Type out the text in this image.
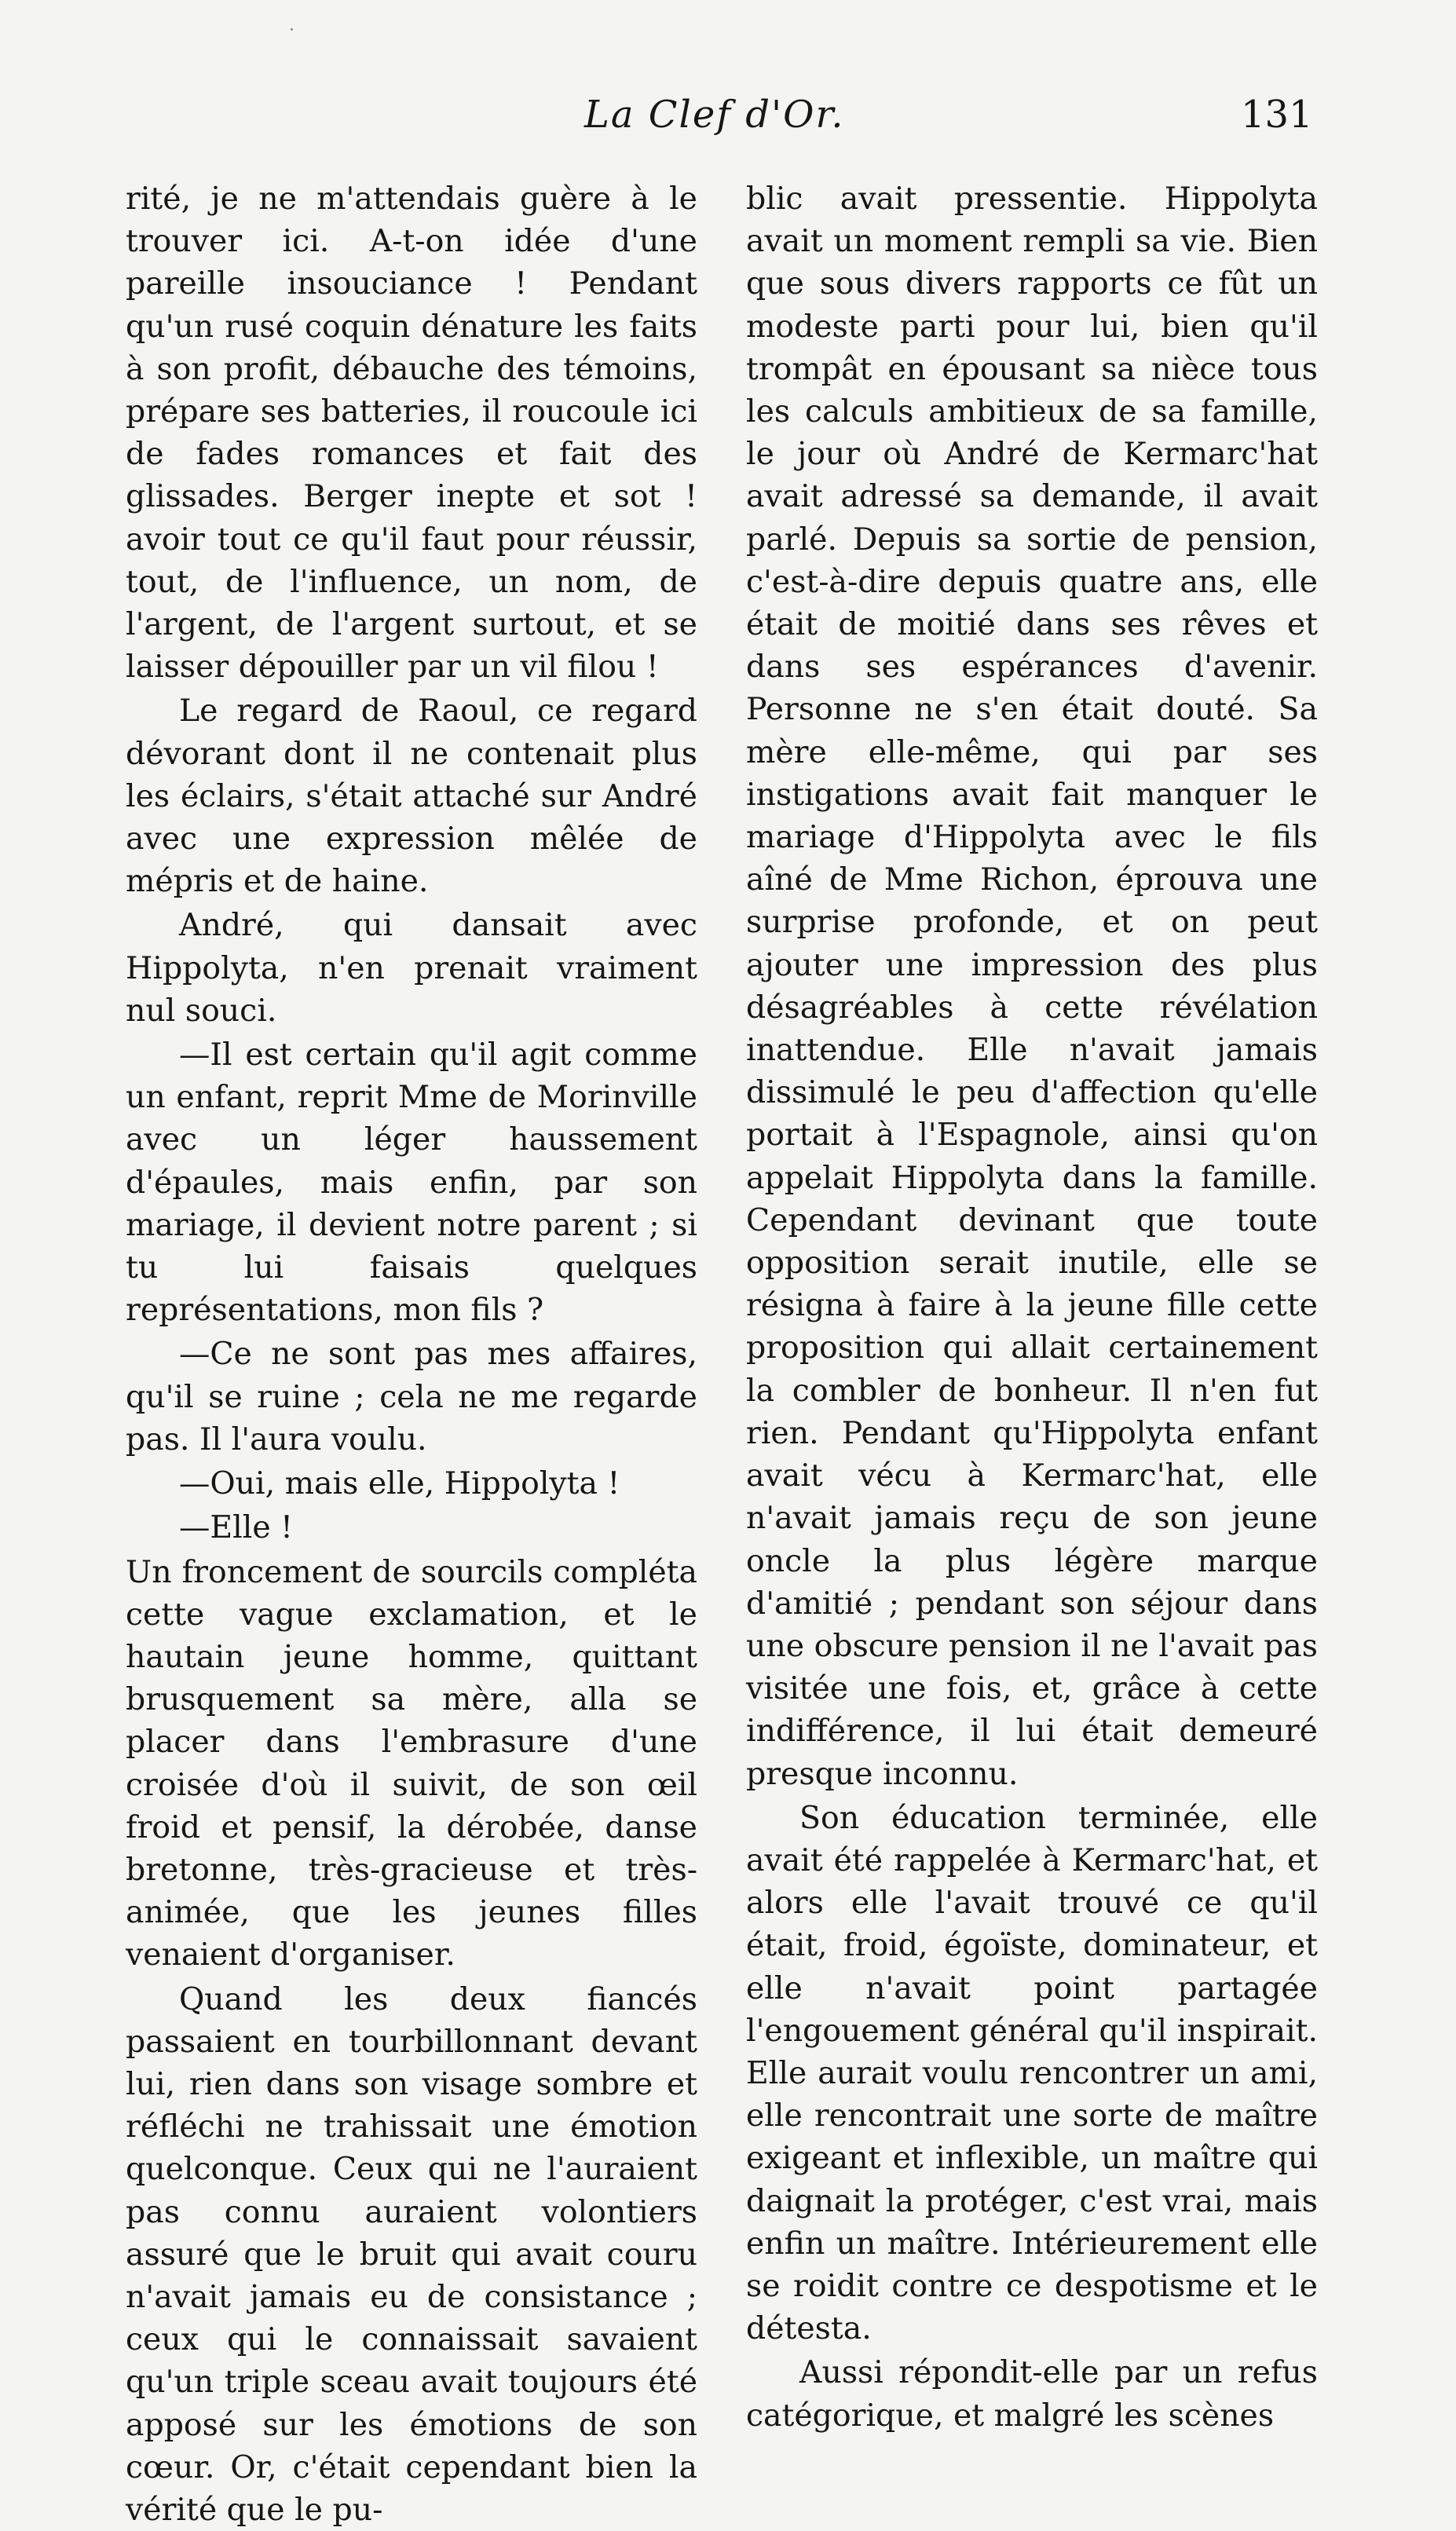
La Clef d'Or.	131

rité, je ne m'attendais guère à le trouver ici. A-t-on idée d'une pareille insouciance ! Pendant qu'un rusé coquin dénature les faits à son profit, débauche des témoins, prépare ses batteries, il roucoule ici de fades romances et fait des glissades. Berger inepte et sot ! avoir tout ce qu'il faut pour réussir, tout, de l'influence, un nom, de l'argent, de l'argent surtout, et se laisser dépouiller par un vil filou !

Le regard de Raoul, ce regard dévorant dont il ne contenait plus les éclairs, s'était attaché sur André avec une expression mêlée de mépris et de haine.

André, qui dansait avec Hippolyta, n'en prenait vraiment nul souci.

—Il est certain qu'il agit comme un enfant, reprit Mme de Morinville avec un léger haussement d'épaules, mais enfin, par son mariage, il devient notre parent ; si tu lui faisais quelques représentations, mon fils ?

—Ce ne sont pas mes affaires, qu'il se ruine ; cela ne me regarde pas. Il l'aura voulu.

—Oui, mais elle, Hippolyta !

—Elle !

Un froncement de sourcils compléta cette vague exclamation, et le hautain jeune homme, quittant brusquement sa mère, alla se placer dans l'embrasure d'une croisée d'où il suivit, de son œil froid et pensif, la dérobée, danse bretonne, très-gracieuse et très-animée, que les jeunes filles venaient d'organiser.

Quand les deux fiancés passaient en tourbillonnant devant lui, rien dans son visage sombre et réfléchi ne trahissait une émotion quelconque. Ceux qui ne l'auraient pas connu auraient volontiers assuré que le bruit qui avait couru n'avait jamais eu de consistance ; ceux qui le connaissait savaient qu'un triple sceau avait toujours été apposé sur les émotions de son cœur. Or, c'était cependant bien la vérité que le pu-

blic avait pressentie. Hippolyta avait un moment rempli sa vie. Bien que sous divers rapports ce fût un modeste parti pour lui, bien qu'il trompât en épousant sa nièce tous les calculs ambitieux de sa famille, le jour où André de Kermarc'hat avait adressé sa demande, il avait parlé. Depuis sa sortie de pension, c'est-à-dire depuis quatre ans, elle était de moitié dans ses rêves et dans ses espérances d'avenir. Personne ne s'en était douté. Sa mère elle-même, qui par ses instigations avait fait manquer le mariage d'Hippolyta avec le fils aîné de Mme Richon, éprouva une surprise profonde, et on peut ajouter une impression des plus désagréables à cette révélation inattendue. Elle n'avait jamais dissimulé le peu d'affection qu'elle portait à l'Espagnole, ainsi qu'on appelait Hippolyta dans la famille. Cependant devinant que toute opposition serait inutile, elle se résigna à faire à la jeune fille cette proposition qui allait certainement la combler de bonheur. Il n'en fut rien. Pendant qu'Hippolyta enfant avait vécu à Kermarc'hat, elle n'avait jamais reçu de son jeune oncle la plus légère marque d'amitié ; pendant son séjour dans une obscure pension il ne l'avait pas visitée une fois, et, grâce à cette indifférence, il lui était demeuré presque inconnu.

Son éducation terminée, elle avait été rappelée à Kermarc'hat, et alors elle l'avait trouvé ce qu'il était, froid, égoïste, dominateur, et elle n'avait point partagée l'engouement général qu'il inspirait. Elle aurait voulu rencontrer un ami, elle rencontrait une sorte de maître exigeant et inflexible, un maître qui daignait la protéger, c'est vrai, mais enfin un maître. Intérieurement elle se roidit contre ce despotisme et le détesta.

Aussi répondit-elle par un refus catégorique, et malgré les scènes
